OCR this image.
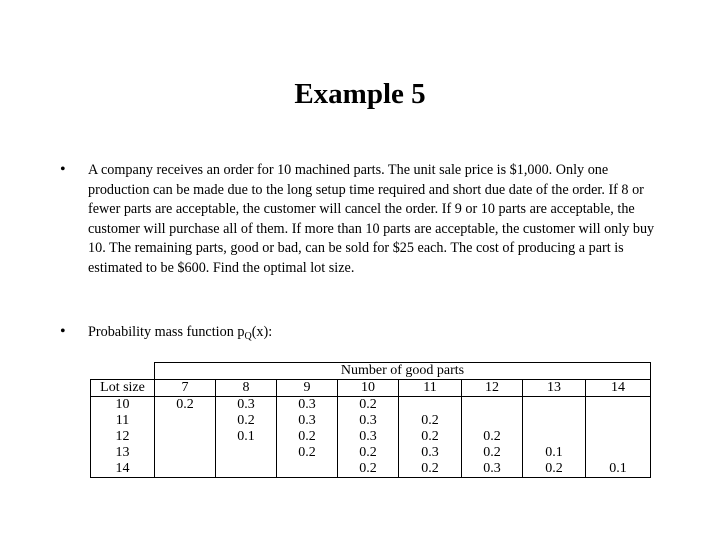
Example 5
• A company receives an order for 10 machined parts. The unit sale price is $1,000. Only one production can be made due to the long setup time required and short due date of the order. If 8 or fewer parts are acceptable, the customer will cancel the order. If 9 or 10 parts are acceptable, the customer will purchase all of them. If more than 10 parts are acceptable, the customer will only buy 10. The remaining parts, good or bad, can be sold for $25 each. The cost of producing a part is estimated to be $600. Find the optimal lot size.
• Probability mass function $p_Q(x)$:
	Number of good parts							
Lot size	7	8	9	10	11	12	13	14
10	0.2	0.3	0.3	0.2				
11		0.2	0.3	0.3	0.2			
12		0.1	0.2	0.3	0.2	0.2		
13			0.2	0.2	0.3	0.2	0.1	
14				0.2	0.2	0.3	0.2	0.1
